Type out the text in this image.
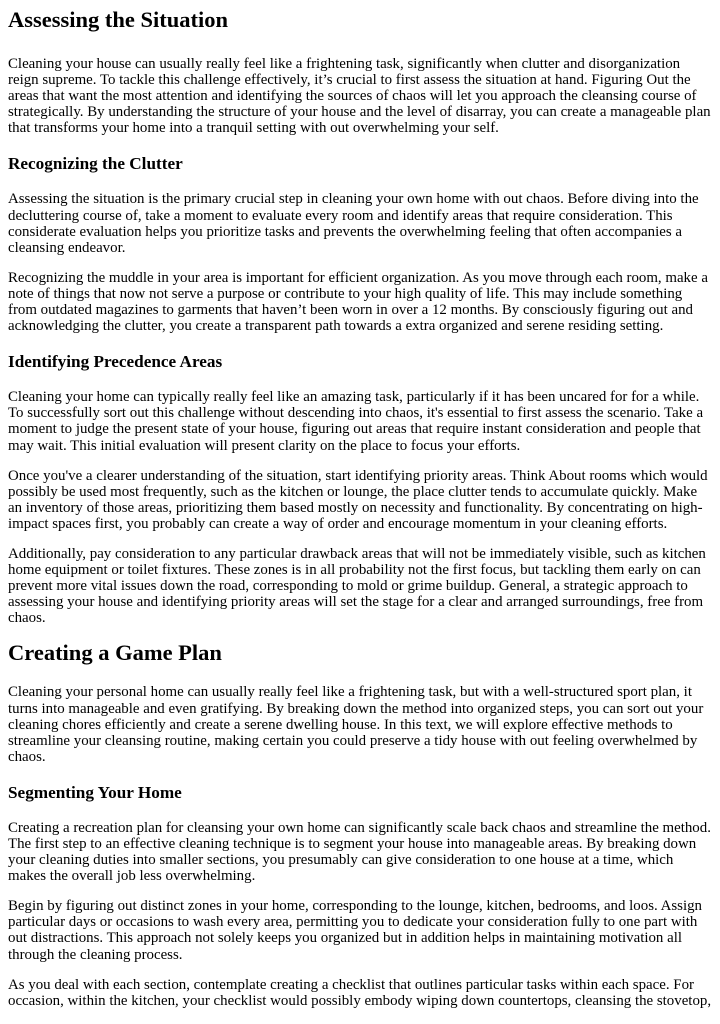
Assessing the Situation

Cleaning your house can usually really feel like a frightening task, significantly when clutter and disorganization reign supreme. To tackle this challenge effectively, it’s crucial to first assess the situation at hand. Figuring Out the areas that want the most attention and identifying the sources of chaos will let you approach the cleansing course of strategically. By understanding the structure of your house and the level of disarray, you can create a manageable plan that transforms your home into a tranquil setting with out overwhelming your self.

Recognizing the Clutter

Assessing the situation is the primary crucial step in cleaning your own home with out chaos. Before diving into the decluttering course of, take a moment to evaluate every room and identify areas that require consideration. This considerate evaluation helps you prioritize tasks and prevents the overwhelming feeling that often accompanies a cleansing endeavor.

Recognizing the muddle in your area is important for efficient organization. As you move through each room, make a note of things that now not serve a purpose or contribute to your high quality of life. This may include something from outdated magazines to garments that haven’t been worn in over a 12 months. By consciously figuring out and acknowledging the clutter, you create a transparent path towards a extra organized and serene residing setting.

Identifying Precedence Areas

Cleaning your home can typically really feel like an amazing task, particularly if it has been uncared for for a while. To successfully sort out this challenge without descending into chaos, it's essential to first assess the scenario. Take a moment to judge the present state of your house, figuring out areas that require instant consideration and people that may wait. This initial evaluation will present clarity on the place to focus your efforts.

Once you've a clearer understanding of the situation, start identifying priority areas. Think About rooms which would possibly be used most frequently, such as the kitchen or lounge, the place clutter tends to accumulate quickly. Make an inventory of those areas, prioritizing them based mostly on necessity and functionality. By concentrating on high-impact spaces first, you probably can create a way of order and encourage momentum in your cleaning efforts.

Additionally, pay consideration to any particular drawback areas that will not be immediately visible, such as kitchen home equipment or toilet fixtures. These zones is in all probability not the first focus, but tackling them early on can prevent more vital issues down the road, corresponding to mold or grime buildup. General, a strategic approach to assessing your house and identifying priority areas will set the stage for a clear and arranged surroundings, free from chaos.

Creating a Game Plan

Cleaning your personal home can usually really feel like a frightening task, but with a well-structured sport plan, it turns into manageable and even gratifying. By breaking down the method into organized steps, you can sort out your cleaning chores efficiently and create a serene dwelling house. In this text, we will explore effective methods to streamline your cleansing routine, making certain you could preserve a tidy house with out feeling overwhelmed by chaos.

Segmenting Your Home

Creating a recreation plan for cleansing your own home can significantly scale back chaos and streamline the method. The first step to an effective cleaning technique is to segment your house into manageable areas. By breaking down your cleaning duties into smaller sections, you presumably can give consideration to one house at a time, which makes the overall job less overwhelming.

Begin by figuring out distinct zones in your home, corresponding to the lounge, kitchen, bedrooms, and loos. Assign particular days or occasions to wash every area, permitting you to dedicate your consideration fully to one part with out distractions. This approach not solely keeps you organized but in addition helps in maintaining motivation all through the cleaning process.

As you deal with each section, contemplate creating a checklist that outlines particular tasks within each space. For occasion, within the kitchen, your checklist would possibly embody wiping down countertops, cleansing the stovetop,
